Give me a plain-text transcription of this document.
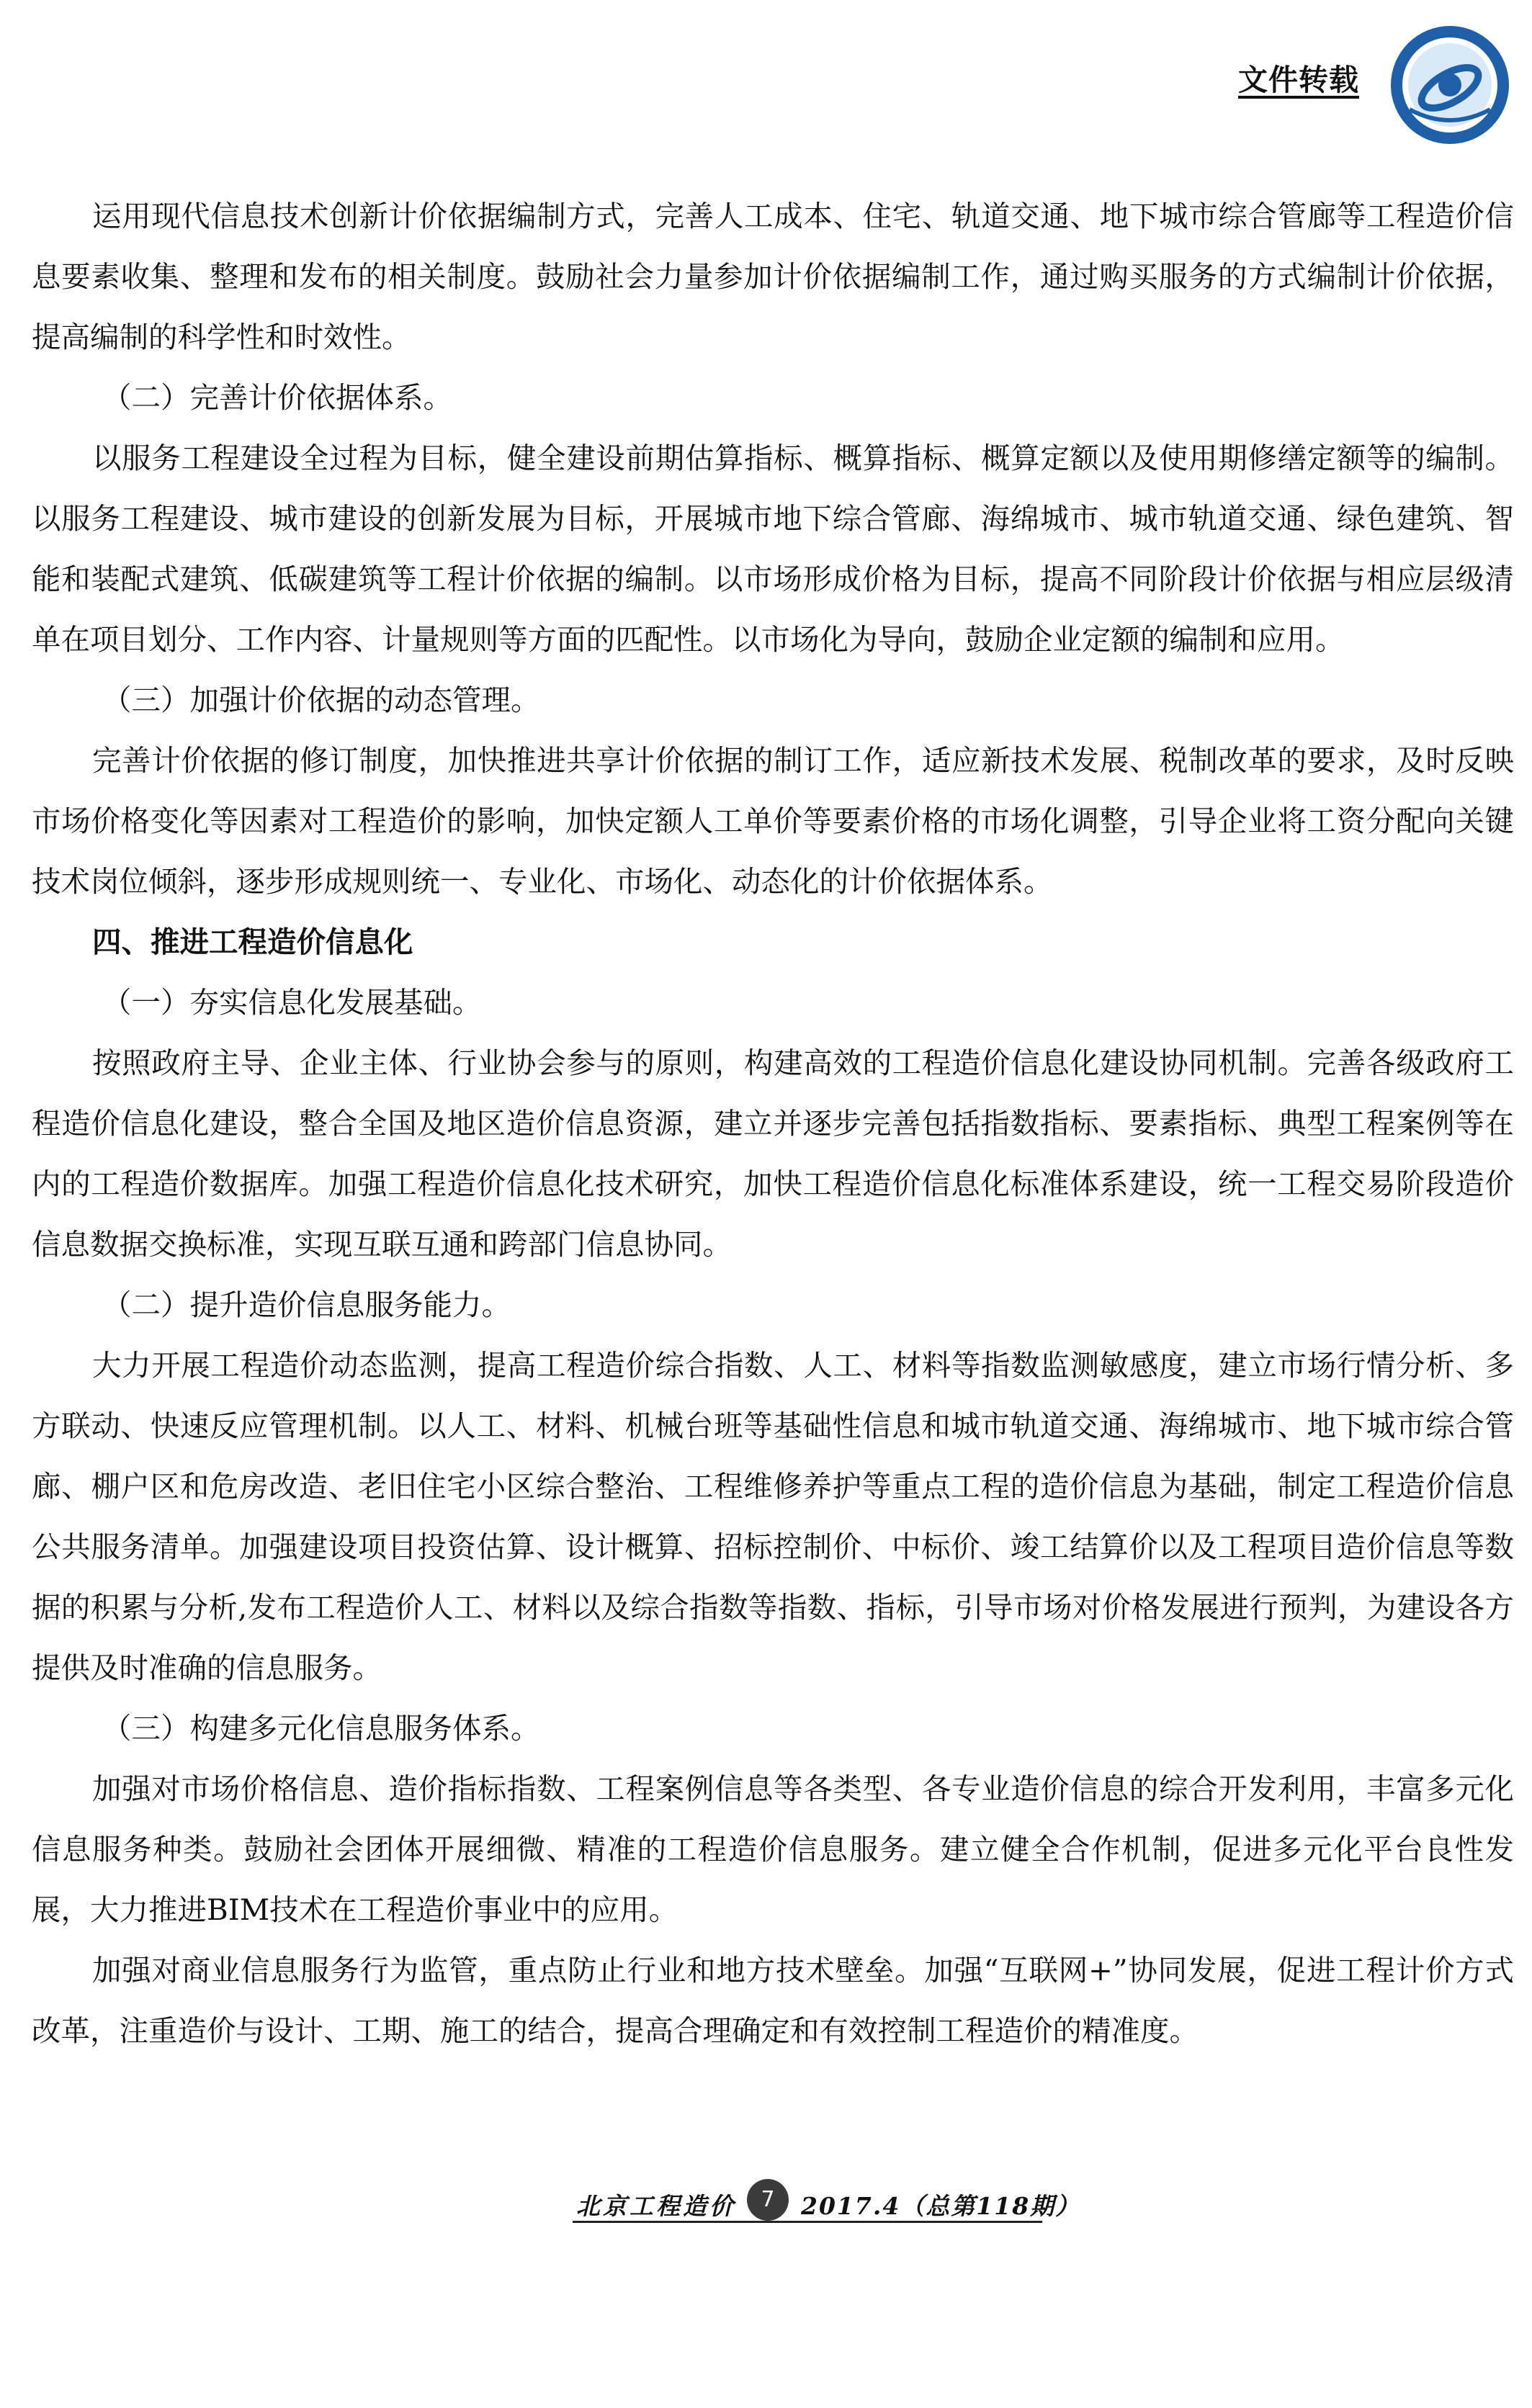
文件转载

运用现代信息技术创新计价依据编制方式，完善人工成本、住宅、轨道交通、地下城市综合管廊等工程造价信息要素收集、整理和发布的相关制度。鼓励社会力量参加计价依据编制工作，通过购买服务的方式编制计价依据，提高编制的科学性和时效性。

（二）完善计价依据体系。

以服务工程建设全过程为目标，健全建设前期估算指标、概算指标、概算定额以及使用期修缮定额等的编制。以服务工程建设、城市建设的创新发展为目标，开展城市地下综合管廊、海绵城市、城市轨道交通、绿色建筑、智能和装配式建筑、低碳建筑等工程计价依据的编制。以市场形成价格为目标，提高不同阶段计价依据与相应层级清单在项目划分、工作内容、计量规则等方面的匹配性。以市场化为导向，鼓励企业定额的编制和应用。

（三）加强计价依据的动态管理。

完善计价依据的修订制度，加快推进共享计价依据的制订工作，适应新技术发展、税制改革的要求，及时反映市场价格变化等因素对工程造价的影响，加快定额人工单价等要素价格的市场化调整，引导企业将工资分配向关键技术岗位倾斜，逐步形成规则统一、专业化、市场化、动态化的计价依据体系。

四、推进工程造价信息化

（一）夯实信息化发展基础。

按照政府主导、企业主体、行业协会参与的原则，构建高效的工程造价信息化建设协同机制。完善各级政府工程造价信息化建设，整合全国及地区造价信息资源，建立并逐步完善包括指数指标、要素指标、典型工程案例等在内的工程造价数据库。加强工程造价信息化技术研究，加快工程造价信息化标准体系建设，统一工程交易阶段造价信息数据交换标准，实现互联互通和跨部门信息协同。

（二）提升造价信息服务能力。

大力开展工程造价动态监测，提高工程造价综合指数、人工、材料等指数监测敏感度，建立市场行情分析、多方联动、快速反应管理机制。以人工、材料、机械台班等基础性信息和城市轨道交通、海绵城市、地下城市综合管廊、棚户区和危房改造、老旧住宅小区综合整治、工程维修养护等重点工程的造价信息为基础，制定工程造价信息公共服务清单。加强建设项目投资估算、设计概算、招标控制价、中标价、竣工结算价以及工程项目造价信息等数据的积累与分析,发布工程造价人工、材料以及综合指数等指数、指标，引导市场对价格发展进行预判，为建设各方提供及时准确的信息服务。

（三）构建多元化信息服务体系。

加强对市场价格信息、造价指标指数、工程案例信息等各类型、各专业造价信息的综合开发利用，丰富多元化信息服务种类。鼓励社会团体开展细微、精准的工程造价信息服务。建立健全合作机制，促进多元化平台良性发展，大力推进BIM技术在工程造价事业中的应用。

加强对商业信息服务行为监管，重点防止行业和地方技术壁垒。加强“互联网+”协同发展，促进工程计价方式改革，注重造价与设计、工期、施工的结合，提高合理确定和有效控制工程造价的精准度。

北京工程造价	7	2017.4（总第118期）
